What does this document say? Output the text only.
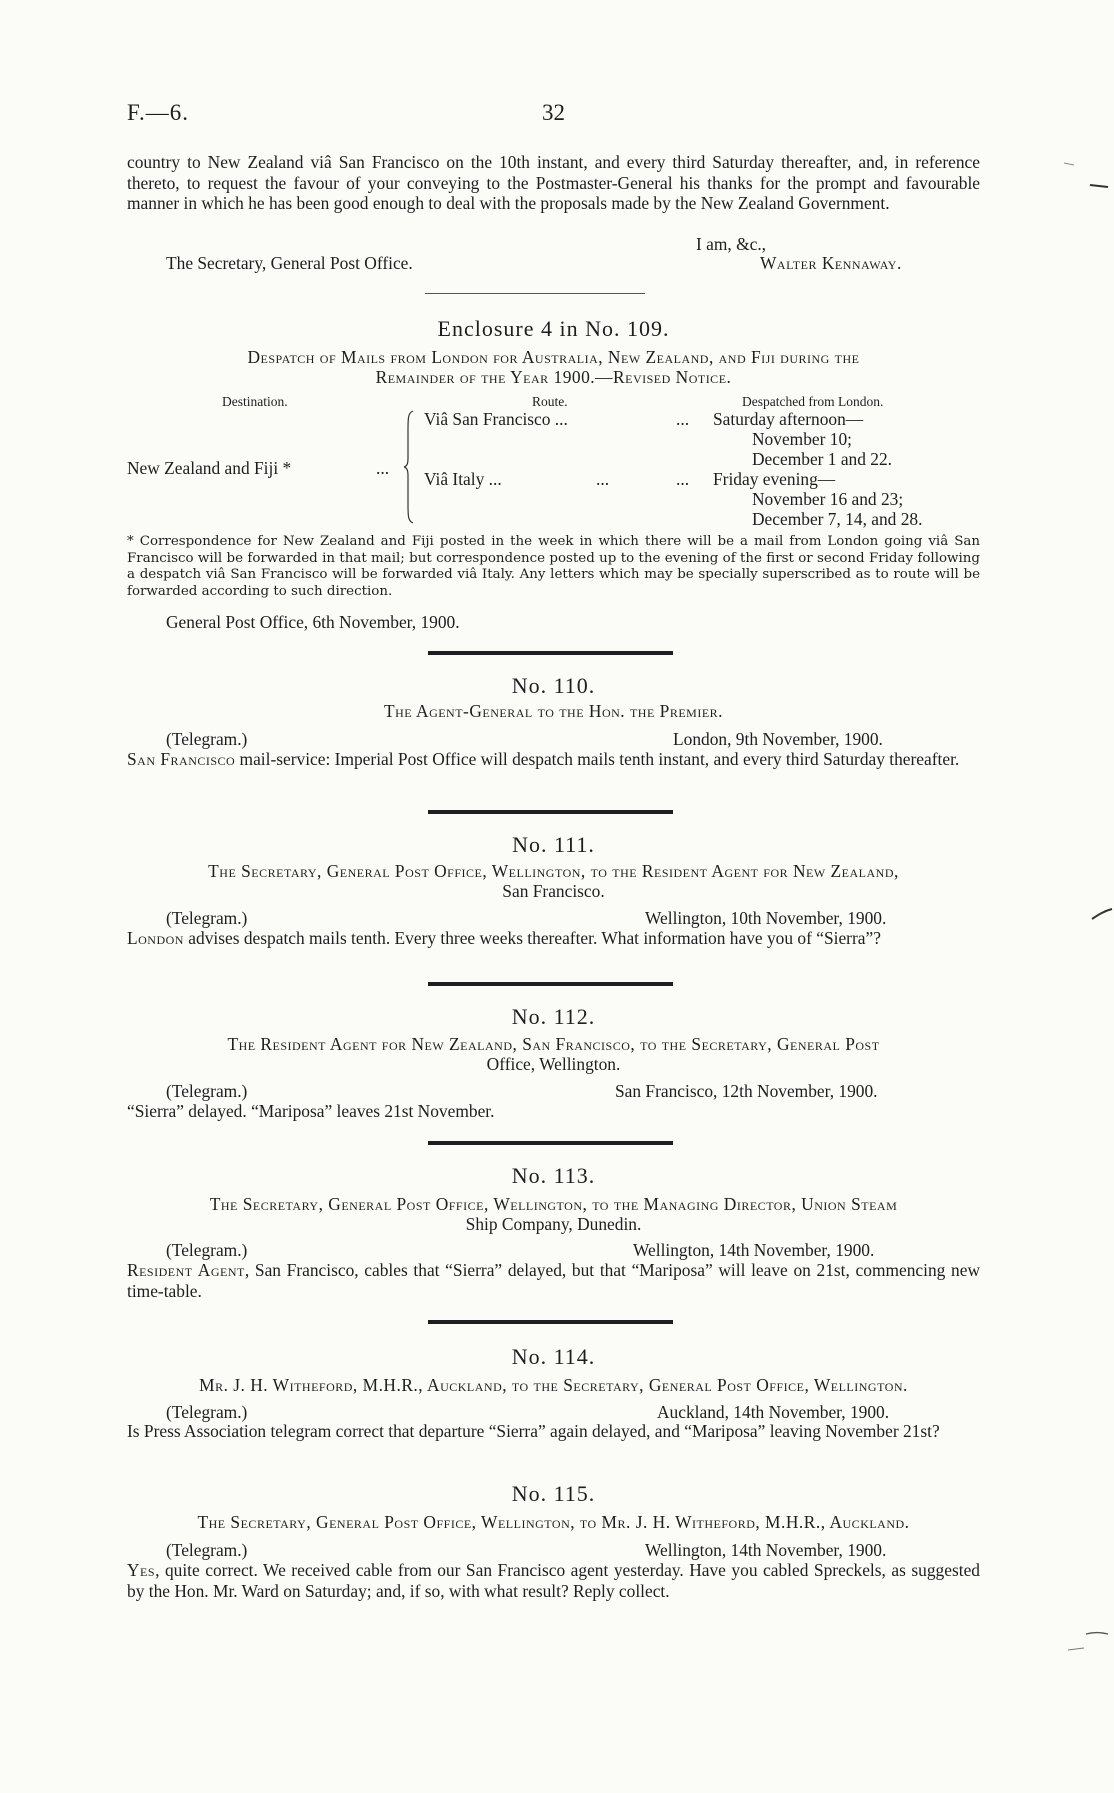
F.—6.	32
country to New Zealand viâ San Francisco on the 10th instant, and every third Saturday thereafter, and, in reference thereto, to request the favour of your conveying to the Postmaster-General his thanks for the prompt and favourable manner in which he has been good enough to deal with the proposals made by the New Zealand Government.
I am, &c.,
The Secretary, General Post Office.	Walter Kennaway.
Enclosure 4 in No. 109.
Despatch of Mails from London for Australia, New Zealand, and Fiji during the
Remainder of the Year 1900.—Revised Notice.
Destination.	Route.	Despatched from London.
New Zealand and Fiji *	...
Viâ San Francisco ...	... Saturday afternoon—
November 10;
December 1 and 22.
Viâ Italy ...	...	... Friday evening—
November 16 and 23;
December 7, 14, and 28.
* Correspondence for New Zealand and Fiji posted in the week in which there will be a mail from London going viâ San Francisco will be forwarded in that mail; but correspondence posted up to the evening of the first or second Friday following a despatch viâ San Francisco will be forwarded viâ Italy. Any letters which may be specially superscribed as to route will be forwarded according to such direction.
General Post Office, 6th November, 1900.
No. 110.
The Agent-General to the Hon. the Premier.
(Telegram.)	London, 9th November, 1900.
San Francisco mail-service: Imperial Post Office will despatch mails tenth instant, and every third Saturday thereafter.
No. 111.
The Secretary, General Post Office, Wellington, to the Resident Agent for New Zealand,
San Francisco.
(Telegram.)	Wellington, 10th November, 1900.
London advises despatch mails tenth. Every three weeks thereafter. What information have you of “Sierra”?
No. 112.
The Resident Agent for New Zealand, San Francisco, to the Secretary, General Post
Office, Wellington.
(Telegram.)	San Francisco, 12th November, 1900.
“Sierra” delayed. “Mariposa” leaves 21st November.
No. 113.
The Secretary, General Post Office, Wellington, to the Managing Director, Union Steam
Ship Company, Dunedin.
(Telegram.)	Wellington, 14th November, 1900.
Resident Agent, San Francisco, cables that “Sierra” delayed, but that “Mariposa” will leave on 21st, commencing new time-table.
No. 114.
Mr. J. H. Witheford, M.H.R., Auckland, to the Secretary, General Post Office, Wellington.
(Telegram.)	Auckland, 14th November, 1900.
Is Press Association telegram correct that departure “Sierra” again delayed, and “Mariposa” leaving November 21st?
No. 115.
The Secretary, General Post Office, Wellington, to Mr. J. H. Witheford, M.H.R., Auckland.
(Telegram.)	Wellington, 14th November, 1900.
Yes, quite correct. We received cable from our San Francisco agent yesterday. Have you cabled Spreckels, as suggested by the Hon. Mr. Ward on Saturday; and, if so, with what result? Reply collect.
